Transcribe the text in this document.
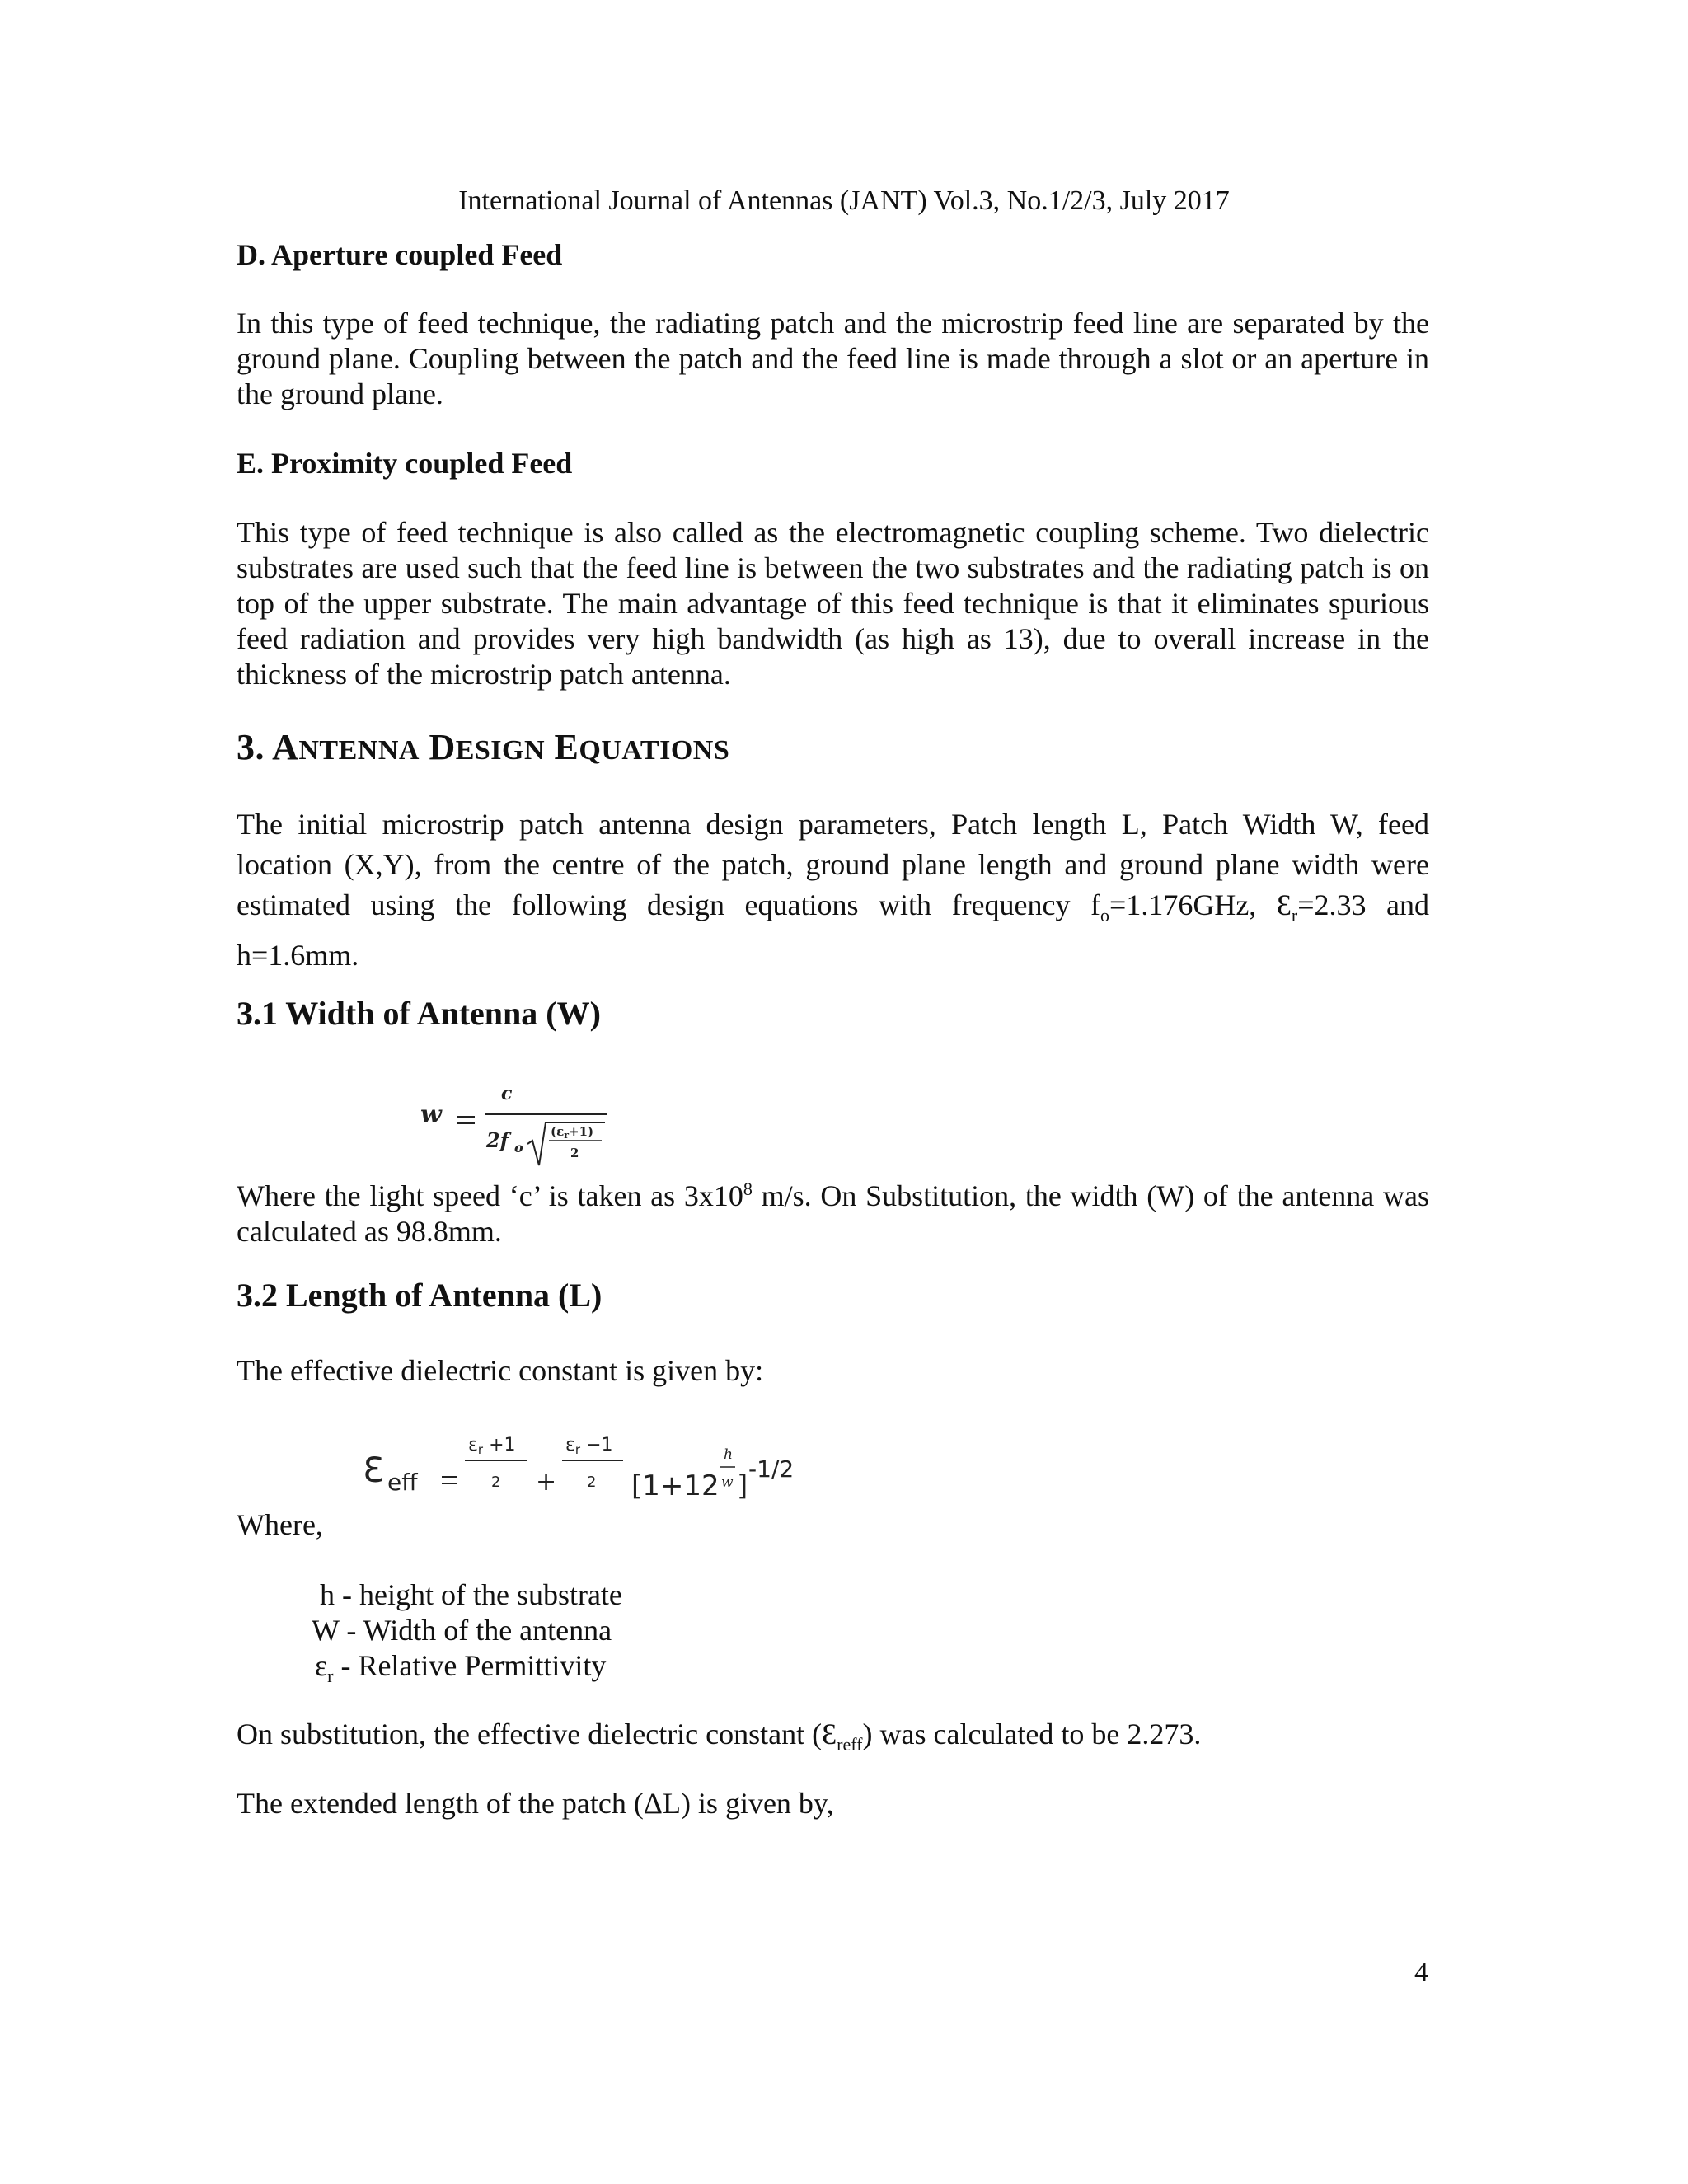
International Journal of Antennas (JANT) Vol.3, No.1/2/3, July 2017
D. Aperture coupled Feed
In this type of feed technique, the radiating patch and the microstrip feed line are separated by the ground plane. Coupling between the patch and the feed line is made through a slot or an aperture in the ground plane.
E. Proximity coupled Feed
This type of feed technique is also called as the electromagnetic coupling scheme. Two dielectric substrates are used such that the feed line is between the two substrates and the radiating patch is on top of the upper substrate. The main advantage of this feed technique is that it eliminates spurious feed radiation and provides very high bandwidth (as high as 13), due to overall increase in the thickness of the microstrip patch antenna.
3. ANTENNA DESIGN EQUATIONS
The initial microstrip patch antenna design parameters, Patch length L, Patch Width W, feed location (X,Y), from the centre of the patch, ground plane length and ground plane width were estimated using the following design equations with frequency $f_o=1.176GHz$, $Ɛ_r=2.33$ and h=1.6mm.
3.1 Width of Antenna (W)
w
c
2f o
$(\varepsilon_r+1)$
2
Where the light speed ‘c’ is taken as $3x10^8$ m/s. On Substitution, the width (W) of the antenna was calculated as 98.8mm.
3.2 Length of Antenna (L)
The effective dielectric constant is given by:
Ɛ eff
εr +1
2 +
εr −1
2 [1+12
h
w ]
-1/2
Where,
h - height of the substrate
W - Width of the antenna
$\varepsilon_r$ - Relative Permittivity
On substitution, the effective dielectric constant $(Ɛ_{reff})$ was calculated to be 2.273.
The extended length of the patch (ΔL) is given by,
4
